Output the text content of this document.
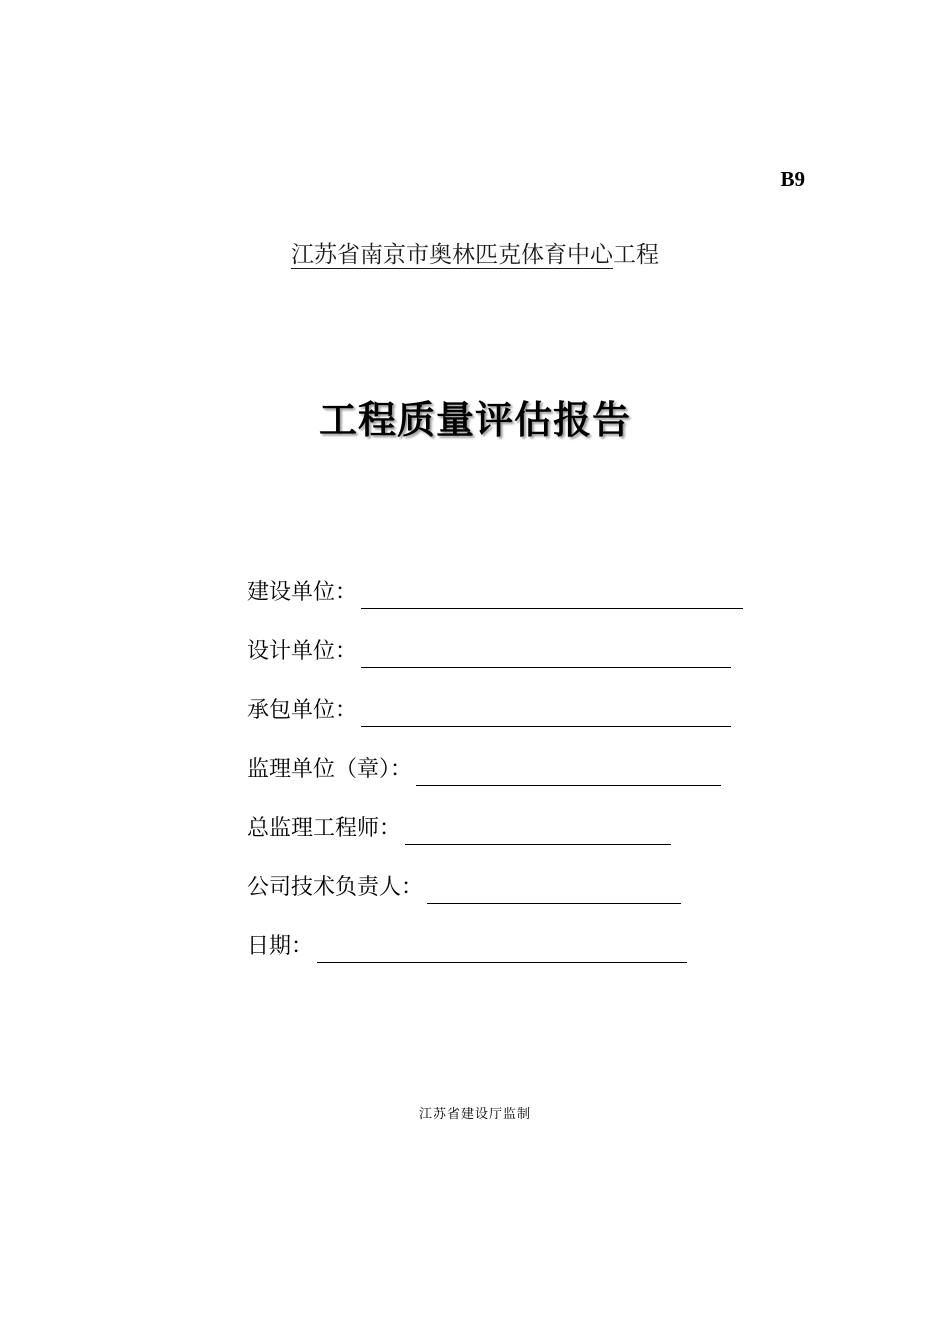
B9
江苏省南京市奥林匹克体育中心工程
工程质量评估报告
建设单位：
设计单位：
承包单位：
监理单位（章）：
总监理工程师：
公司技术负责人：
日期：
江苏省建设厅监制
